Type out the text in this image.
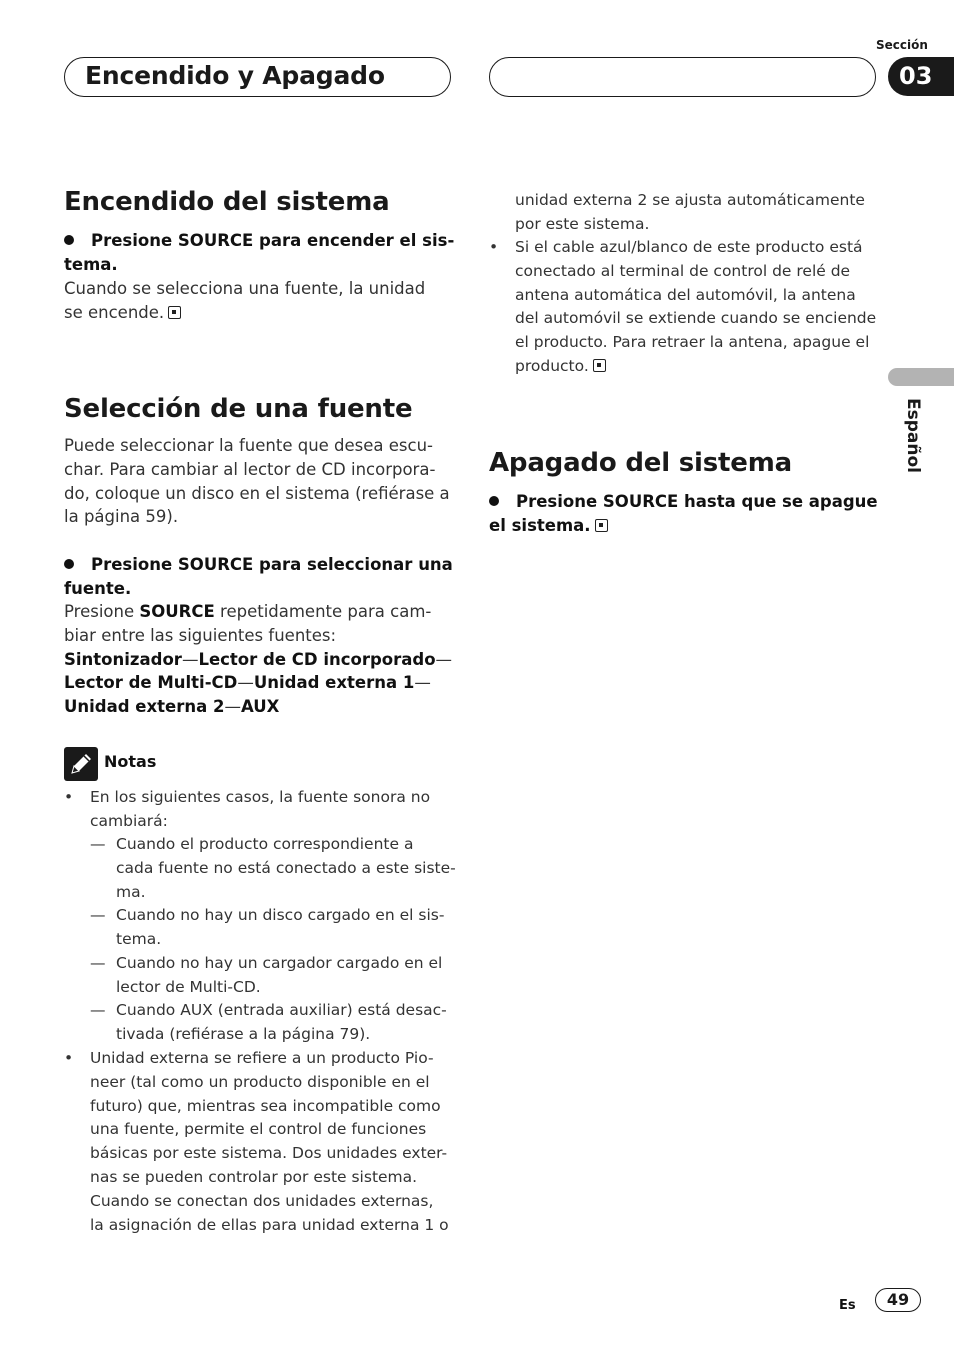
Encendido y Apagado
Sección
03
Español
Encendido del sistema
Presione SOURCE para encender el sis-
tema.
Cuando se selecciona una fuente, la unidad
se encende.
Selección de una fuente
Puede seleccionar la fuente que desea escu-
char. Para cambiar al lector de CD incorpora-
do, coloque un disco en el sistema (refiérase a
la página 59).
Presione SOURCE para seleccionar una
fuente.
Presione SOURCE repetidamente para cam-
biar entre las siguientes fuentes:
Sintonizador—Lector de CD incorporado—
Lector de Multi-CD—Unidad externa 1—
Unidad externa 2—AUX
Notas
• En los siguientes casos, la fuente sonora no
cambiará:
— Cuando el producto correspondiente a
cada fuente no está conectado a este siste-
ma.
— Cuando no hay un disco cargado en el sis-
tema.
— Cuando no hay un cargador cargado en el
lector de Multi-CD.
— Cuando AUX (entrada auxiliar) está desac-
tivada (refiérase a la página 79).
• Unidad externa se refiere a un producto Pio-
neer (tal como un producto disponible en el
futuro) que, mientras sea incompatible como
una fuente, permite el control de funciones
básicas por este sistema. Dos unidades exter-
nas se pueden controlar por este sistema.
Cuando se conectan dos unidades externas,
la asignación de ellas para unidad externa 1 o
unidad externa 2 se ajusta automáticamente
por este sistema.
• Si el cable azul/blanco de este producto está
conectado al terminal de control de relé de
antena automática del automóvil, la antena
del automóvil se extiende cuando se enciende
el producto. Para retraer la antena, apague el
producto.
Apagado del sistema
Presione SOURCE hasta que se apague
el sistema.
Es	49
